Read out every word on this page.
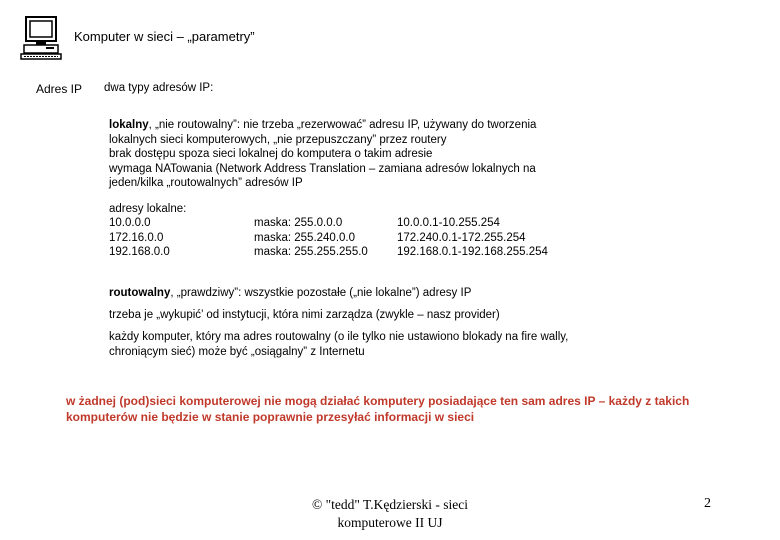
Komputer w sieci – „parametry”
Adres IP dwa typy adresów IP:
lokalny, „nie routowalny”: nie trzeba „rezerwować” adresu IP, używany do tworzenia
lokalnych sieci komputerowych, „nie przepuszczany” przez routery
brak dostępu spoza sieci lokalnej do komputera o takim adresie
wymaga NATowania (Network Address Translation – zamiana adresów lokalnych na
jeden/kilka „routowalnych” adresów IP
adresy lokalne:
10.0.0.0
172.16.0.0
192.168.0.0
maska: 255.0.0.0
maska: 255.240.0.0
maska: 255.255.255.0
10.0.0.1-10.255.254
172.240.0.1-172.255.254
192.168.0.1-192.168.255.254
routowalny, „prawdziwy”: wszystkie pozostałe („nie lokalne”) adresy IP
trzeba je „wykupić’ od instytucji, która nimi zarządza (zwykle – nasz provider)
każdy komputer, który ma adres routowalny (o ile tylko nie ustawiono blokady na fire wally,
chroniącym sieć) może być „osiągalny” z Internetu
w żadnej (pod)sieci komputerowej nie mogą działać komputery posiadające ten sam adres IP – każdy z takich komputerów nie będzie w stanie poprawnie przesyłać informacji w sieci
© "tedd" T.Kędzierski - sieci
komputerowe II UJ
2
